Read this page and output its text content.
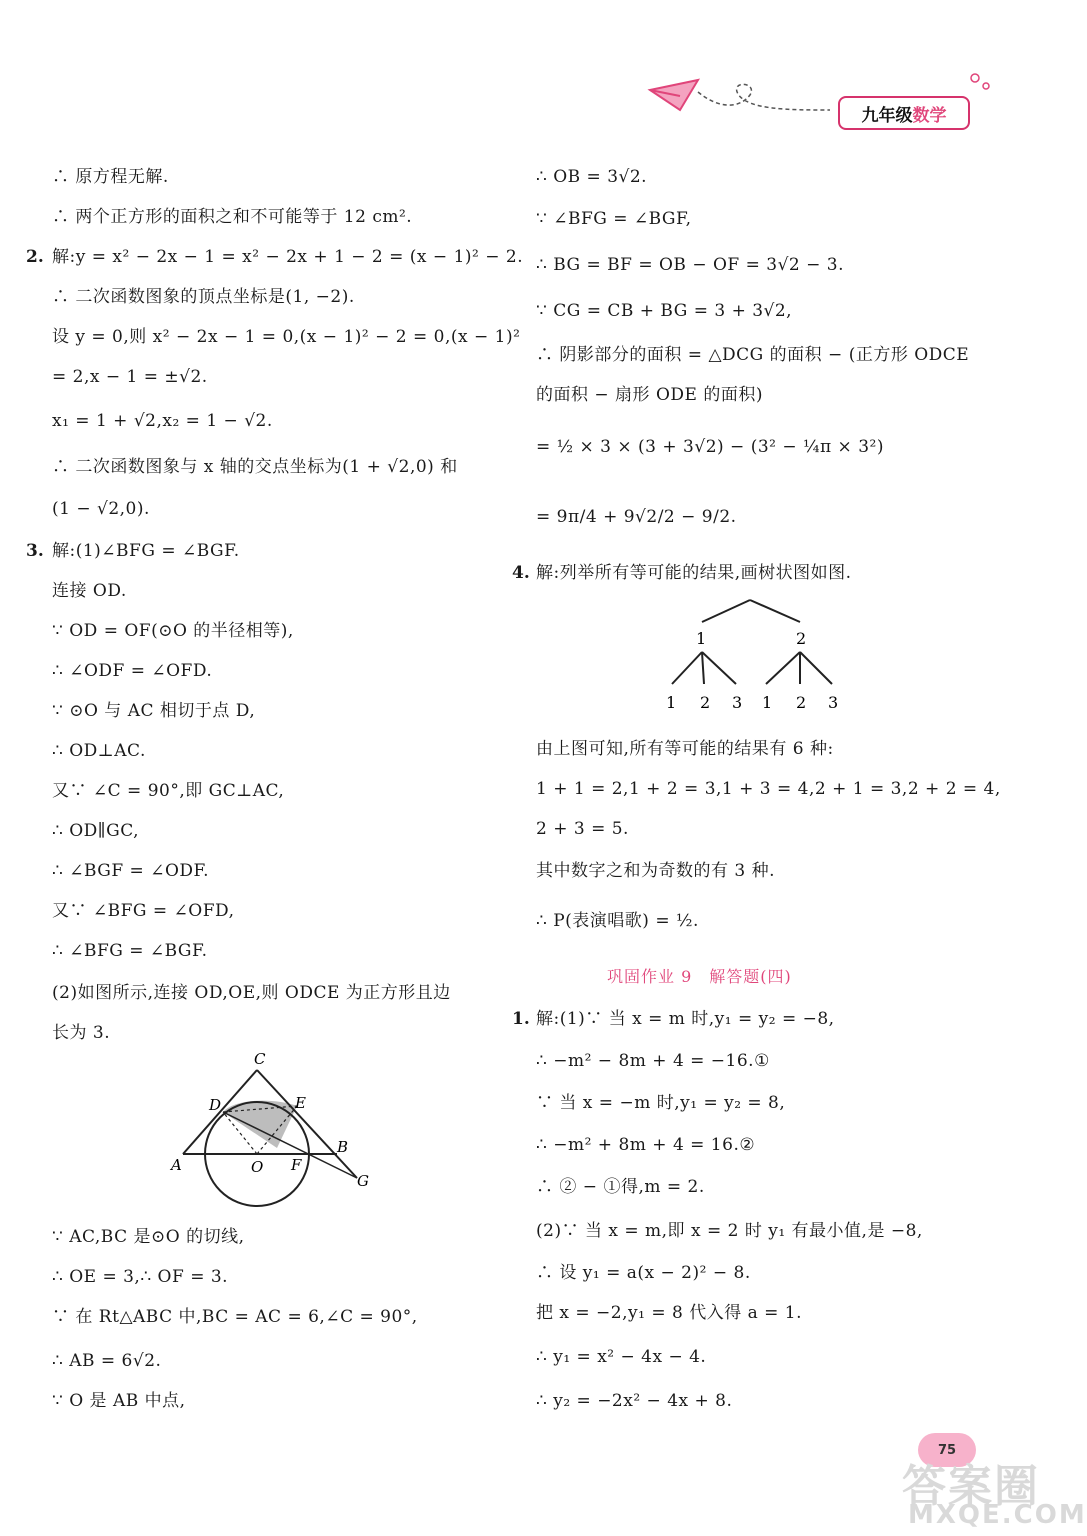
九年级 数学
∴ 原方程无解.
∴ 两个正方形的面积之和不可能等于 12 cm².
2. 解:y = x² − 2x − 1 = x² − 2x + 1 − 2 = (x − 1)² − 2.
∴ 二次函数图象的顶点坐标是(1, −2).
设 y = 0,则 x² − 2x − 1 = 0,(x − 1)² − 2 = 0,(x − 1)²
= 2,x − 1 = ±√2.
x₁ = 1 + √2,x₂ = 1 − √2.
∴ 二次函数图象与 x 轴的交点坐标为(1 + √2,0) 和
(1 − √2,0).
3. 解:(1)∠BFG = ∠BGF.
连接 OD.
∵ OD = OF(⊙O 的半径相等),
∴ ∠ODF = ∠OFD.
∵ ⊙O 与 AC 相切于点 D,
∴ OD⊥AC.
又∵ ∠C = 90°,即 GC⊥AC,
∴ OD∥GC,
∴ ∠BGF = ∠ODF.
又∵ ∠BFG = ∠OFD,
∴ ∠BFG = ∠BGF.
(2)如图所示,连接 OD,OE,则 ODCE 为正方形且边
长为 3.
C
D	E
B
A	O F
G
∵ AC,BC 是⊙O 的切线,
∴ OE = 3,∴ OF = 3.
∵ 在 Rt△ABC 中,BC = AC = 6,∠C = 90°,
∴ AB = 6√2.
∵ O 是 AB 中点,
∴ OB = 3√2.
∵ ∠BFG = ∠BGF,
∴ BG = BF = OB − OF = 3√2 − 3.
∵ CG = CB + BG = 3 + 3√2,
∴ 阴影部分的面积 = △DCG 的面积 − (正方形 ODCE
的面积 − 扇形 ODE 的面积)
= ½ × 3 × (3 + 3√2) − (3² − ¼π × 3²)
= 9π/4 + 9√2/2 − 9/2.
4. 解:列举所有等可能的结果,画树状图如图.
1	2
1 2 3 1 2 3
由上图可知,所有等可能的结果有 6 种:
1 + 1 = 2,1 + 2 = 3,1 + 3 = 4,2 + 1 = 3,2 + 2 = 4,
2 + 3 = 5.
其中数字之和为奇数的有 3 种.
∴ P(表演唱歌) = ½.
巩固作业 9　解答题(四)
1. 解:(1)∵ 当 x = m 时,y₁ = y₂ = −8,
∴ −m² − 8m + 4 = −16.①
∵ 当 x = −m 时,y₁ = y₂ = 8,
∴ −m² + 8m + 4 = 16.②
∴ ② − ①得,m = 2.
(2)∵ 当 x = m,即 x = 2 时 y₁ 有最小值,是 −8,
∴ 设 y₁ = a(x − 2)² − 8.
把 x = −2,y₁ = 8 代入得 a = 1.
∴ y₁ = x² − 4x − 4.
∴ y₂ = −2x² − 4x + 8.
75
答案圈
MXQE.COM
